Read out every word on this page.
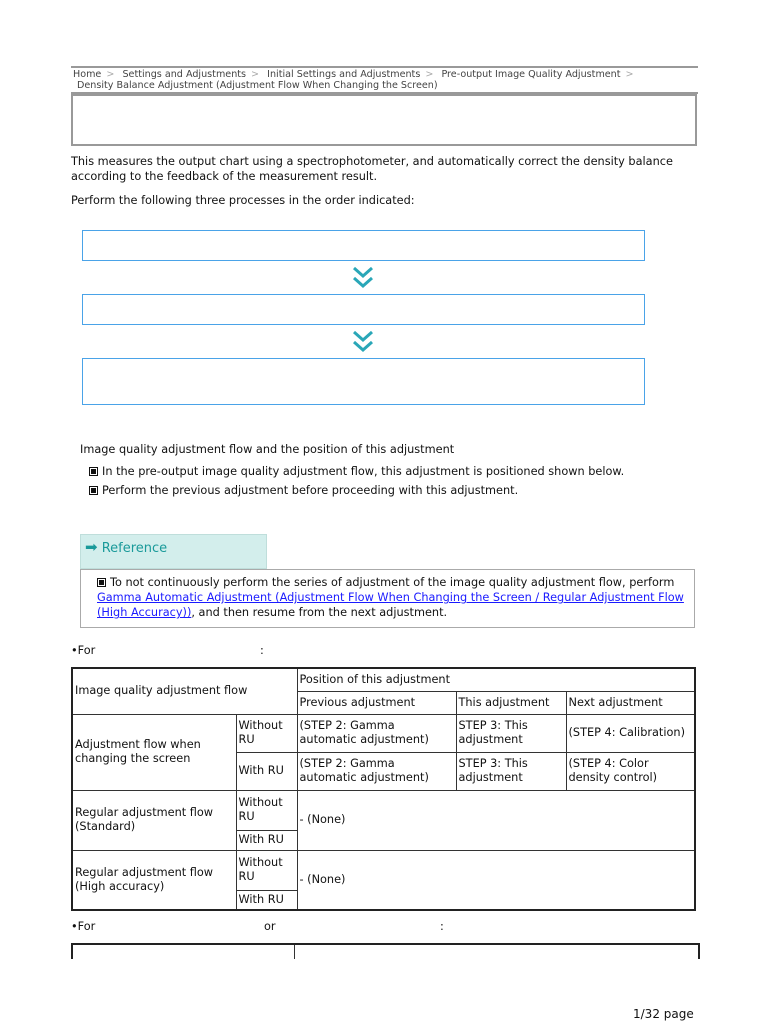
Home > Settings and Adjustments > Initial Settings and Adjustments > Pre-output Image Quality Adjustment >
Density Balance Adjustment (Adjustment Flow When Changing the Screen)
This measures the output chart using a spectrophotometer, and automatically correct the density balance according to the feedback of the measurement result.
Perform the following three processes in the order indicated:
Image quality adjustment flow and the position of this adjustment
In the pre-output image quality adjustment flow, this adjustment is positioned shown below.
Perform the previous adjustment before proceeding with this adjustment.
➡ Reference
To not continuously perform the series of adjustment of the image quality adjustment flow, perform Gamma Automatic Adjustment (Adjustment Flow When Changing the Screen / Regular Adjustment Flow (High Accuracy)), and then resume from the next adjustment.
•For	:
Image quality adjustment flow		Position of this adjustment		
		Previous adjustment	This adjustment	Next adjustment
Adjustment flow when changing the screen	Without RU	(STEP 2: Gamma automatic adjustment)	STEP 3: This adjustment	(STEP 4: Calibration)
	With RU	(STEP 2: Gamma automatic adjustment)	STEP 3: This adjustment	(STEP 4: Color density control)
Regular adjustment flow (Standard)	Without RU	- (None)		
	With RU			
Regular adjustment flow (High accuracy)	Without RU	- (None)		
	With RU			
•For	or	:
1/32 page
